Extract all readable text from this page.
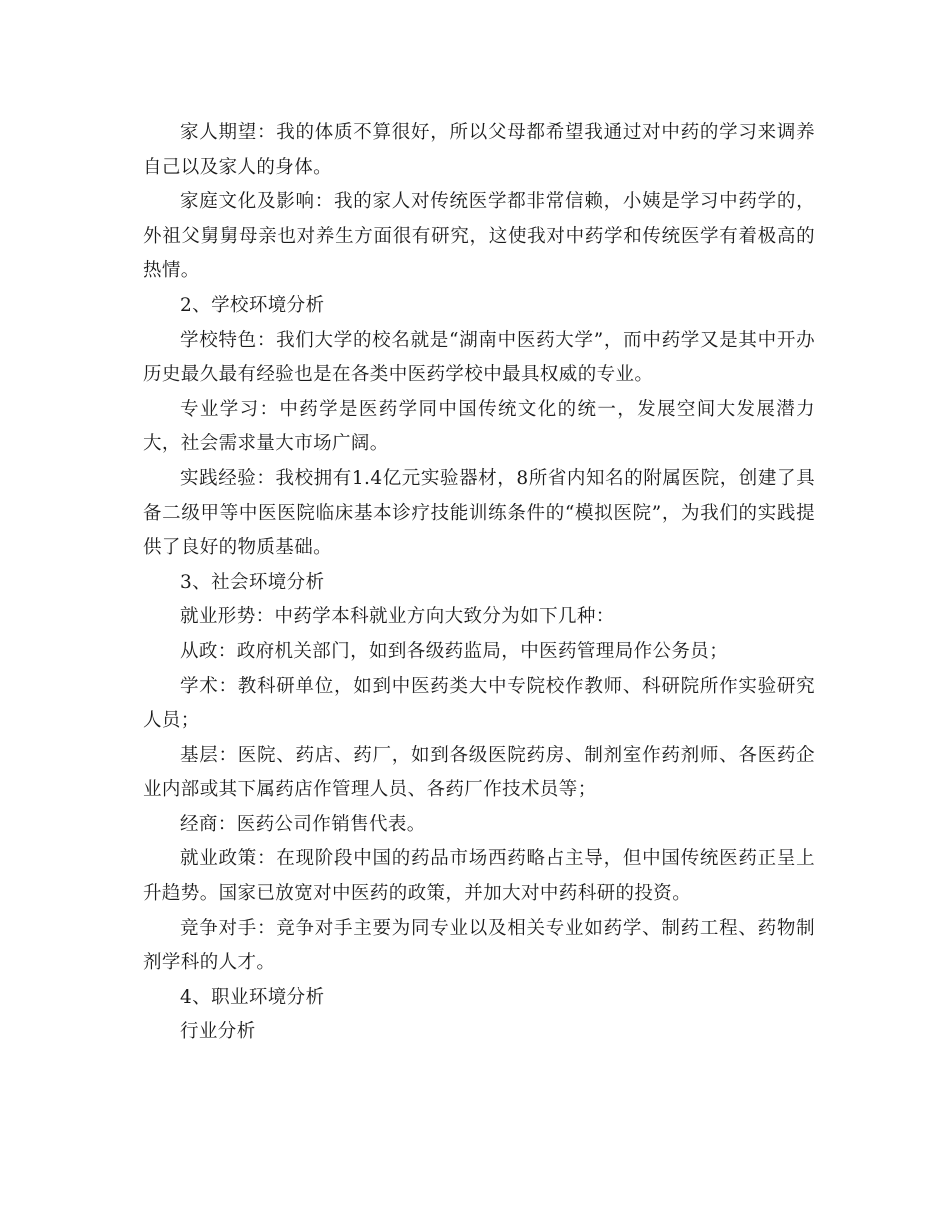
家人期望：我的体质不算很好，所以父母都希望我通过对中药的学习来调养自己以及家人的身体。

家庭文化及影响：我的家人对传统医学都非常信赖，小姨是学习中药学的，外祖父舅舅母亲也对养生方面很有研究，这使我对中药学和传统医学有着极高的热情。

2、学校环境分析

学校特色：我们大学的校名就是“湖南中医药大学”，而中药学又是其中开办历史最久最有经验也是在各类中医药学校中最具权威的专业。

专业学习：中药学是医药学同中国传统文化的统一，发展空间大发展潜力大，社会需求量大市场广阔。

实践经验：我校拥有1.4亿元实验器材，8所省内知名的附属医院，创建了具备二级甲等中医医院临床基本诊疗技能训练条件的“模拟医院”，为我们的实践提供了良好的物质基础。

3、社会环境分析

就业形势：中药学本科就业方向大致分为如下几种：

从政：政府机关部门，如到各级药监局，中医药管理局作公务员；

学术：教科研单位，如到中医药类大中专院校作教师、科研院所作实验研究人员；

基层：医院、药店、药厂，如到各级医院药房、制剂室作药剂师、各医药企业内部或其下属药店作管理人员、各药厂作技术员等；

经商：医药公司作销售代表。

就业政策：在现阶段中国的药品市场西药略占主导，但中国传统医药正呈上升趋势。国家已放宽对中医药的政策，并加大对中药科研的投资。

竞争对手：竞争对手主要为同专业以及相关专业如药学、制药工程、药物制剂学科的人才。

4、职业环境分析

行业分析
